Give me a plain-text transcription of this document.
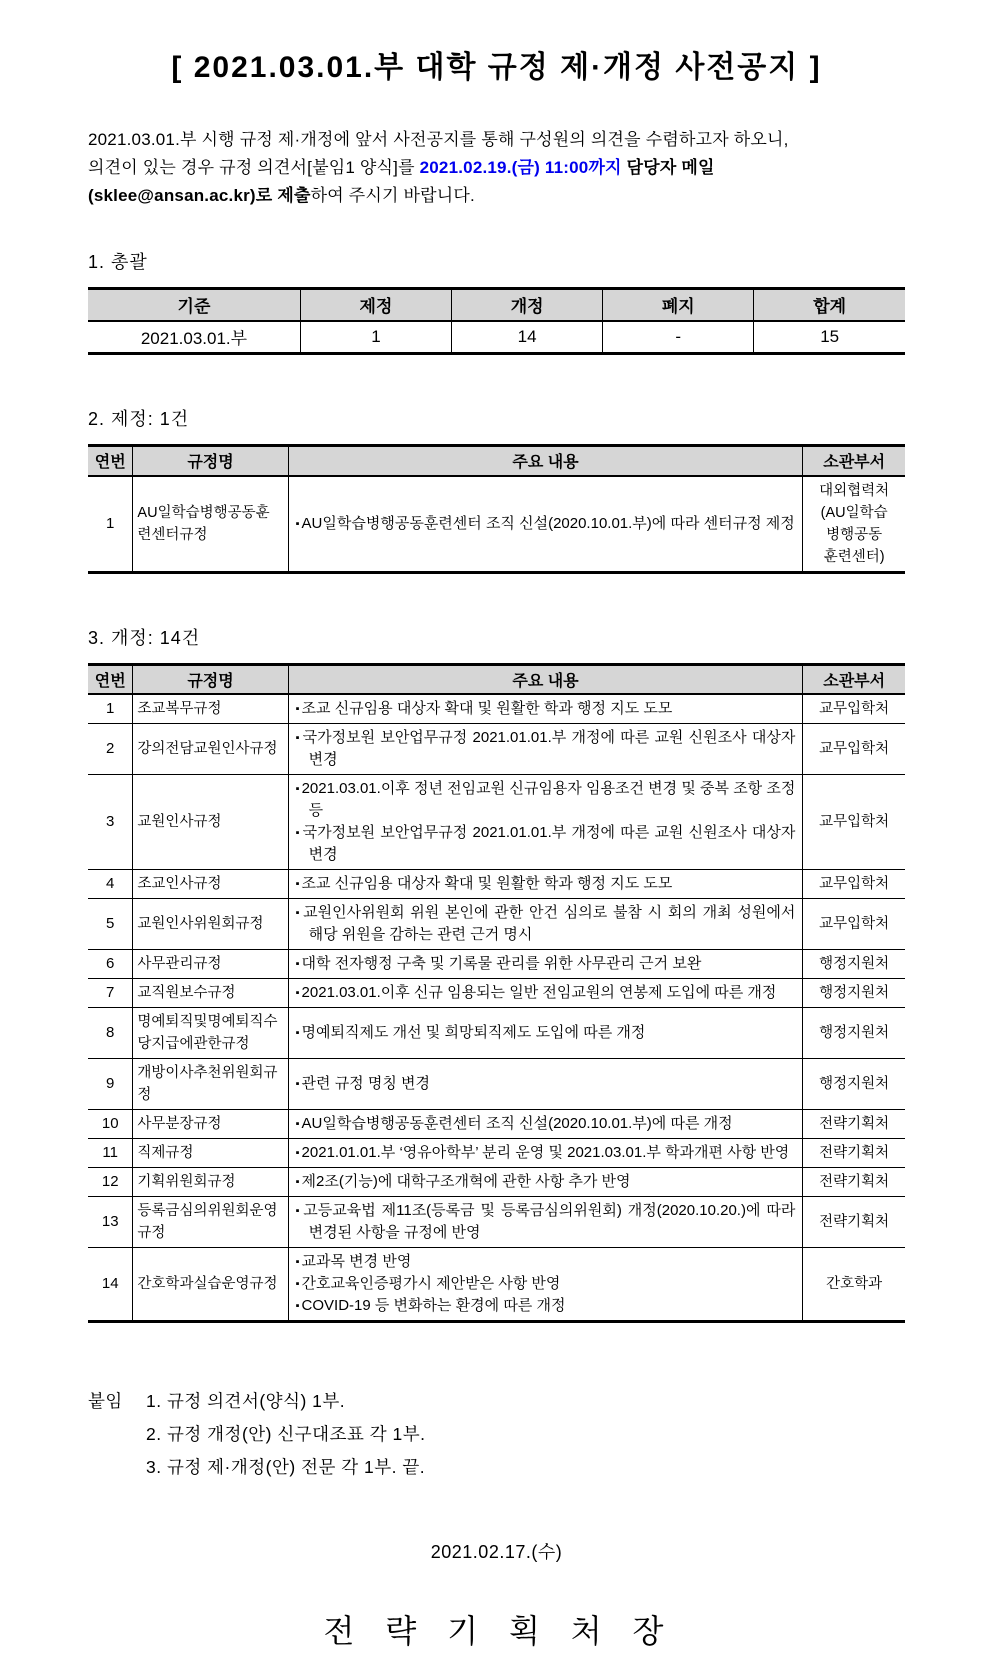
[ 2021.03.01.부 대학 규정 제·개정 사전공지 ]
2021.03.01.부 시행 규정 제·개정에 앞서 사전공지를 통해 구성원의 의견을 수렴하고자 하오니,
의견이 있는 경우 규정 의견서[붙임1 양식]를 2021.02.19.(금) 11:00까지 담당자 메일
(sklee@ansan.ac.kr)로 제출하여 주시기 바랍니다.
1. 총괄
기준	제정	개정	폐지	합계
2021.03.01.부	1	14	-	15
2. 제정: 1건
연번	규정명	주요 내용	소관부서
1	AU일학습병행공동훈련센터규정	▪ AU일학습병행공동훈련센터 조직 신설(2020.10.01.부)에 따라 센터규정 제정	대외협력처 (AU일학습 병행공동 훈련센터)
3. 개정: 14건
연번	규정명	주요 내용	소관부서
1	조교복무규정	▪ 조교 신규임용 대상자 확대 및 원활한 학과 행정 지도 도모	교무입학처
2	강의전담교원인사규정	▪ 국가정보원 보안업무규정 2021.01.01.부 개정에 따른 교원 신원조사 대상자 변경	교무입학처
3	교원인사규정	▪ 2021.03.01.이후 정년 전임교원 신규임용자 임용조건 변경 및 중복 조항 조정 등
▪ 국가정보원 보안업무규정 2021.01.01.부 개정에 따른 교원 신원조사 대상자 변경	교무입학처
4	조교인사규정	▪ 조교 신규임용 대상자 확대 및 원활한 학과 행정 지도 도모	교무입학처
5	교원인사위원회규정	▪ 교원인사위원회 위원 본인에 관한 안건 심의로 불참 시 회의 개최 성원에서 해당 위원을 감하는 관련 근거 명시	교무입학처
6	사무관리규정	▪ 대학 전자행정 구축 및 기록물 관리를 위한 사무관리 근거 보완	행정지원처
7	교직원보수규정	▪ 2021.03.01.이후 신규 임용되는 일반 전임교원의 연봉제 도입에 따른 개정	행정지원처
8	명예퇴직및명예퇴직수당지급에관한규정	▪ 명예퇴직제도 개선 및 희망퇴직제도 도입에 따른 개정	행정지원처
9	개방이사추천위원회규정	▪ 관련 규정 명칭 변경	행정지원처
10	사무분장규정	▪ AU일학습병행공동훈련센터 조직 신설(2020.10.01.부)에 따른 개정	전략기획처
11	직제규정	▪ 2021.01.01.부 ‘영유아학부’ 분리 운영 및 2021.03.01.부 학과개편 사항 반영	전략기획처
12	기획위원회규정	▪ 제2조(기능)에 대학구조개혁에 관한 사항 추가 반영	전략기획처
13	등록금심의위원회운영규정	▪ 고등교육법 제11조(등록금 및 등록금심의위원회) 개정(2020.10.20.)에 따라 변경된 사항을 규정에 반영	전략기획처
14	간호학과실습운영규정	▪ 교과목 변경 반영
▪ 간호교육인증평가시 제안받은 사항 반영
▪ COVID-19 등 변화하는 환경에 따른 개정	간호학과
붙임	1. 규정 의견서(양식) 1부.
2. 규정 개정(안) 신구대조표 각 1부.
3. 규정 제·개정(안) 전문 각 1부. 끝.
2021.02.17.(수)
전 략 기 획 처 장
